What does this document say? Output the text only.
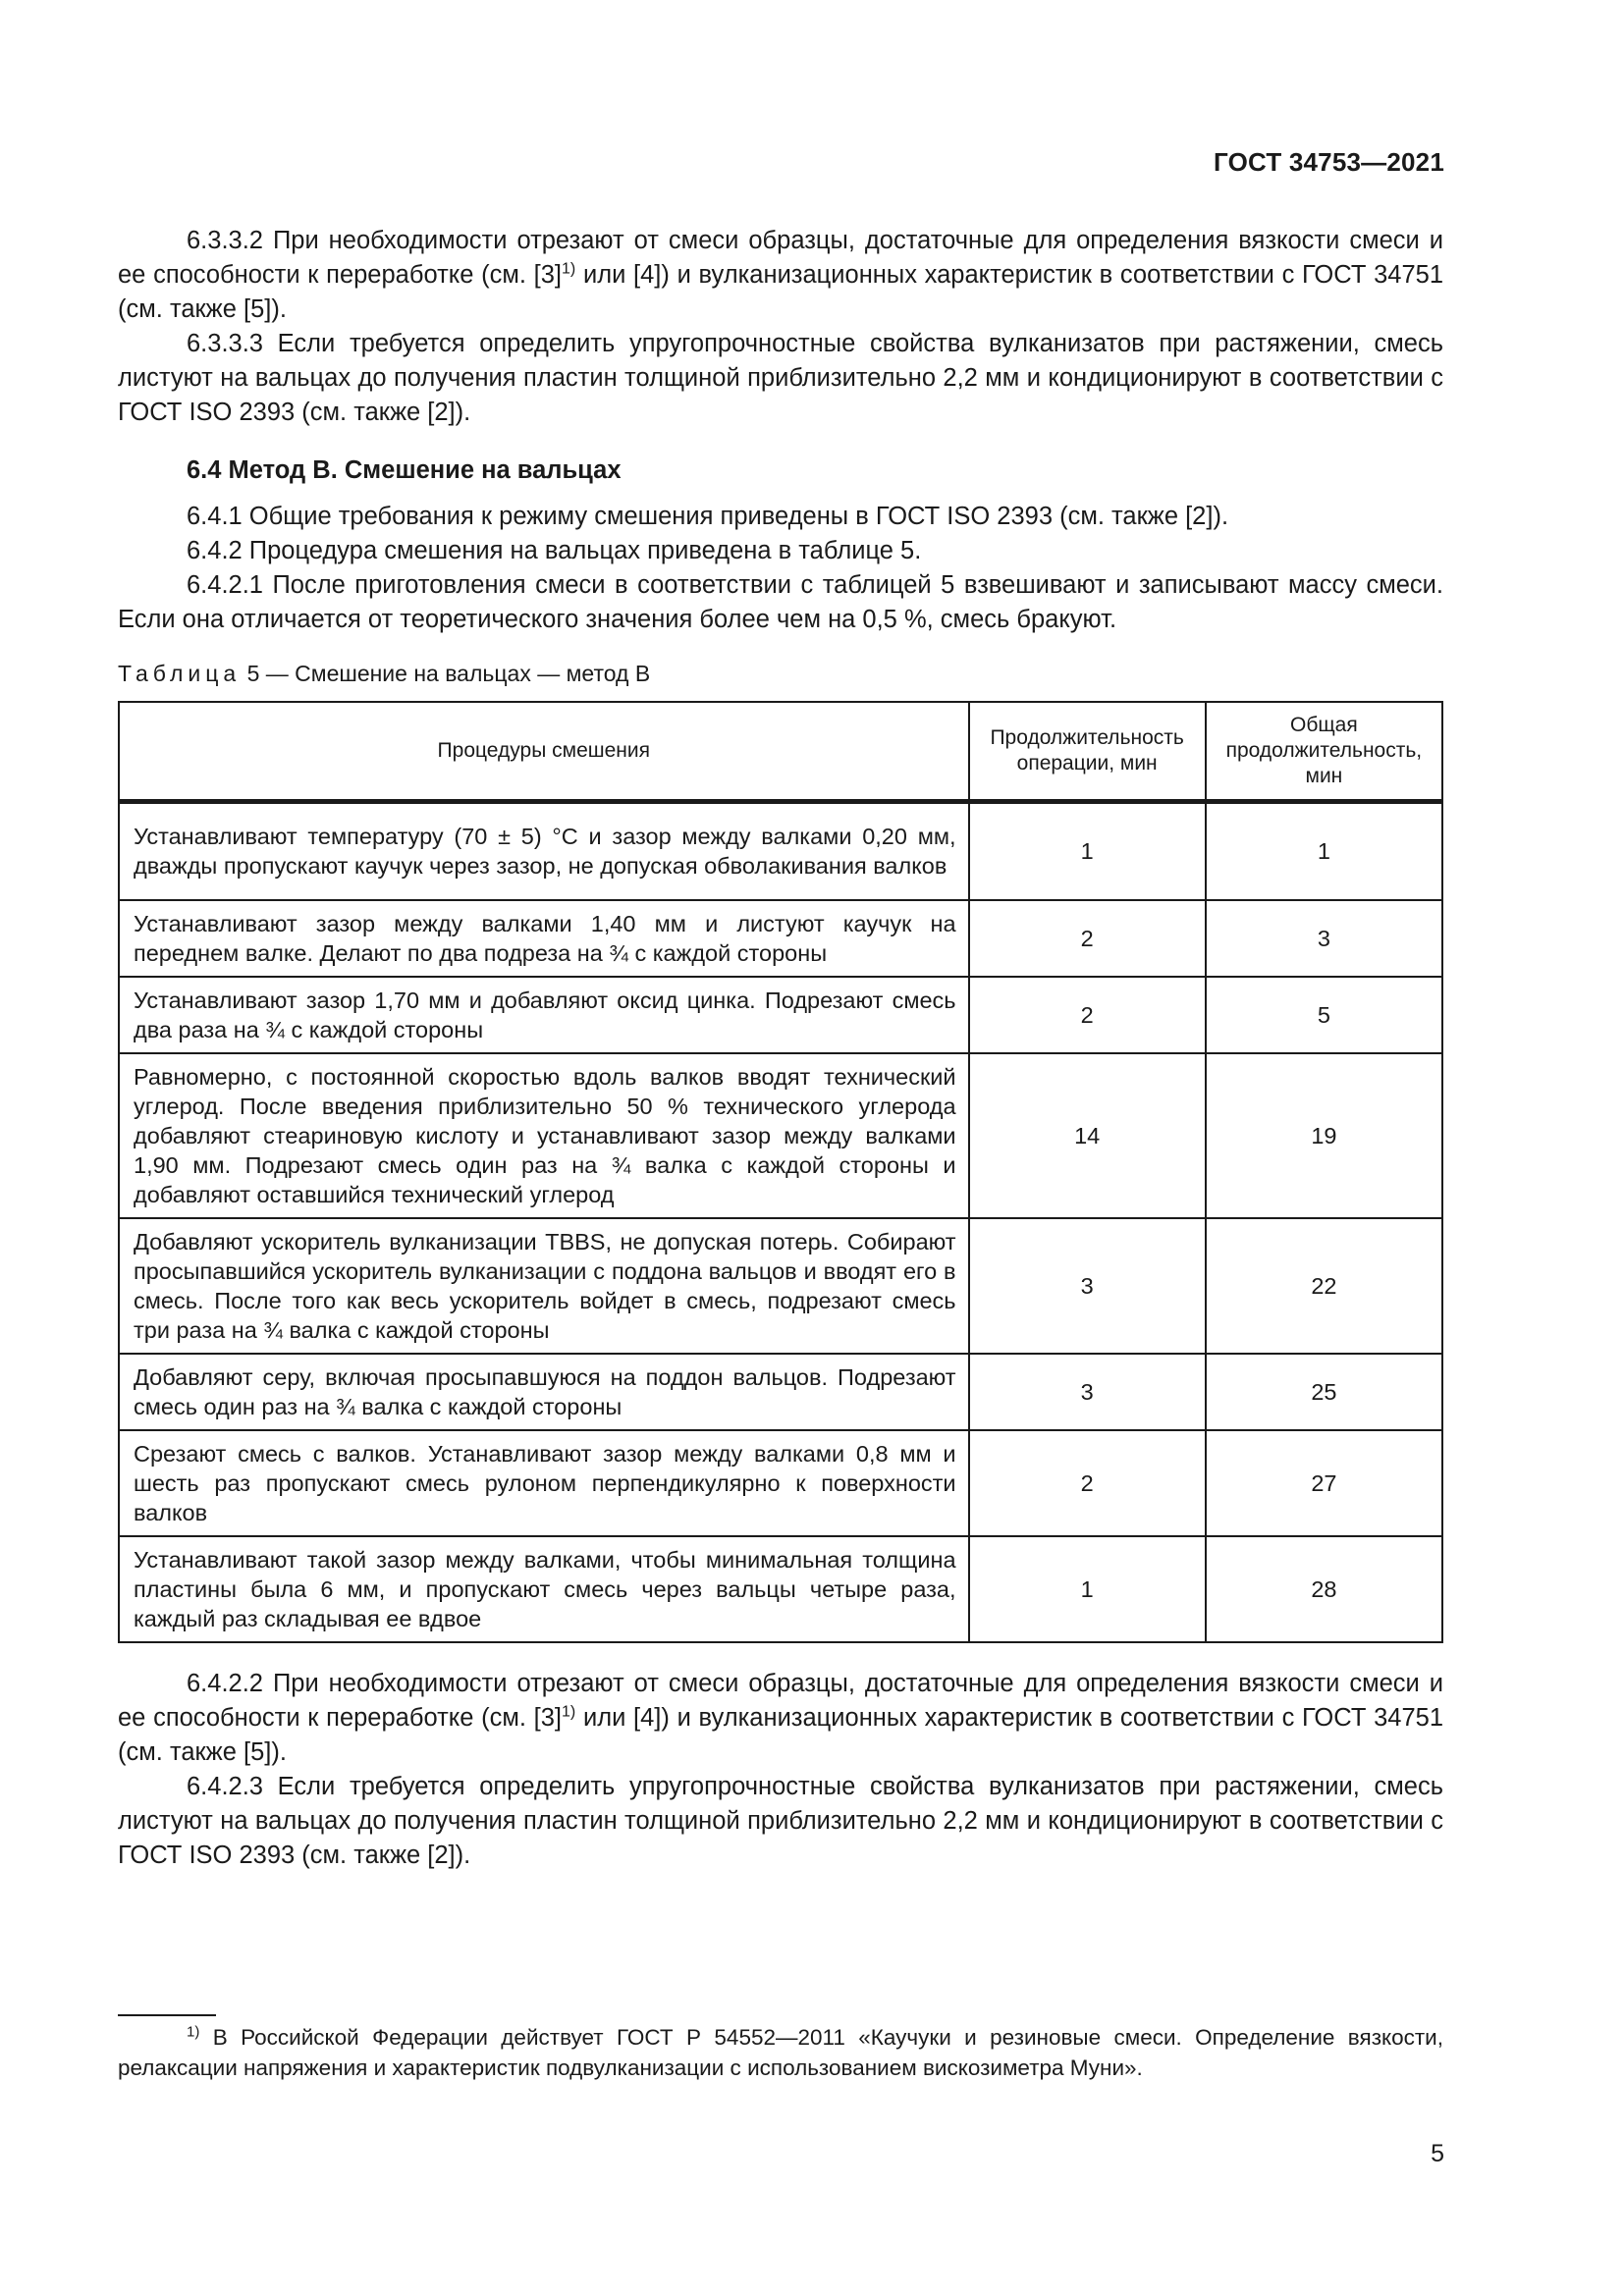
ГОСТ 34753—2021

6.3.3.2 При необходимости отрезают от смеси образцы, достаточные для определения вязкости смеси и ее способности к переработке (см. $[3]^{1)}$ или [4]) и вулканизационных характеристик в соответствии с ГОСТ 34751 (см. также [5]).

6.3.3.3 Если требуется определить упругопрочностные свойства вулканизатов при растяжении, смесь листуют на вальцах до получения пластин толщиной приблизительно 2,2 мм и кондиционируют в соответствии с ГОСТ ISO 2393 (см. также [2]).

6.4 Метод В. Смешение на вальцах

6.4.1 Общие требования к режиму смешения приведены в ГОСТ ISO 2393 (см. также [2]).

6.4.2 Процедура смешения на вальцах приведена в таблице 5.

6.4.2.1 После приготовления смеси в соответствии с таблицей 5 взвешивают и записывают массу смеси. Если она отличается от теоретического значения более чем на 0,5 %, смесь бракуют.

Таблица 5 — Смешение на вальцах — метод В
Процедуры смешения	Продолжительность операции, мин	Общая продолжительность, мин
Устанавливают температуру (70 ± 5) °С и зазор между валками 0,20 мм, дважды пропускают каучук через зазор, не допуская обволакивания валков	1	1
Устанавливают зазор между валками 1,40 мм и листуют каучук на переднем валке. Делают по два подреза на ¾ с каждой стороны	2	3
Устанавливают зазор 1,70 мм и добавляют оксид цинка. Подрезают смесь два раза на ¾ с каждой стороны	2	5
Равномерно, с постоянной скоростью вдоль валков вводят технический углерод. После введения приблизительно 50 % технического углерода добавляют стеариновую кислоту и устанавливают зазор между валками 1,90 мм. Подрезают смесь один раз на ¾ валка с каждой стороны и добавляют оставшийся технический углерод	14	19
Добавляют ускоритель вулканизации TBBS, не допуская потерь. Собирают просыпавшийся ускоритель вулканизации с поддона вальцов и вводят его в смесь. После того как весь ускоритель войдет в смесь, подрезают смесь три раза на ¾ валка с каждой стороны	3	22
Добавляют серу, включая просыпавшуюся на поддон вальцов. Подрезают смесь один раз на ¾ валка с каждой стороны	3	25
Срезают смесь с валков. Устанавливают зазор между валками 0,8 мм и шесть раз пропускают смесь рулоном перпендикулярно к поверхности валков	2	27
Устанавливают такой зазор между валками, чтобы минимальная толщина пластины была 6 мм, и пропускают смесь через вальцы четыре раза, каждый раз складывая ее вдвое	1	28

6.4.2.2 При необходимости отрезают от смеси образцы, достаточные для определения вязкости смеси и ее способности к переработке (см. $[3]^{1)}$ или [4]) и вулканизационных характеристик в соответствии с ГОСТ 34751 (см. также [5]).

6.4.2.3 Если требуется определить упругопрочностные свойства вулканизатов при растяжении, смесь листуют на вальцах до получения пластин толщиной приблизительно 2,2 мм и кондиционируют в соответствии с ГОСТ ISO 2393 (см. также [2]).

$^{1)}$ В Российской Федерации действует ГОСТ Р 54552—2011 «Каучуки и резиновые смеси. Определение вязкости, релаксации напряжения и характеристик подвулканизации с использованием вискозиметра Муни».
5
